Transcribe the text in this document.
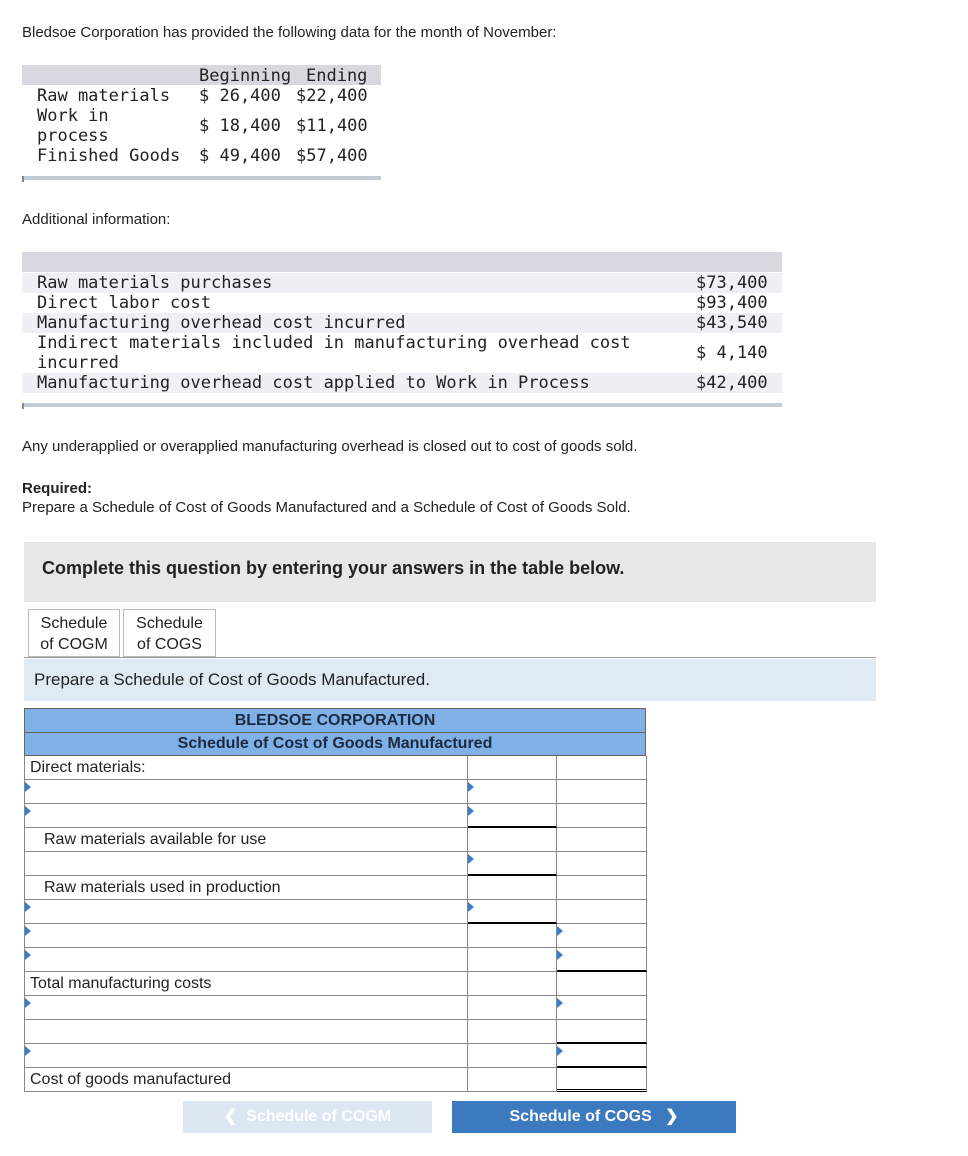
Bledsoe Corporation has provided the following data for the month of November:
Beginning Ending
Raw materials $ 26,400 $22,400
Work in
process	$ 18,400 $11,400
Finished Goods $ 49,400 $57,400
Additional information:
Raw materials purchases	$73,400
Direct labor cost	$93,400
Manufacturing overhead cost incurred	$43,540
Indirect materials included in manufacturing overhead cost
incurred	$ 4,140
Manufacturing overhead cost applied to Work in Process	$42,400
Any underapplied or overapplied manufacturing overhead is closed out to cost of goods sold.
Required:
Prepare a Schedule of Cost of Goods Manufactured and a Schedule of Cost of Goods Sold.
Complete this question by entering your answers in the table below.
Schedule
of COGM
Schedule
of COGS
Prepare a Schedule of Cost of Goods Manufactured.
BLEDSOE CORPORATION
Schedule of Cost of Goods Manufactured
Direct materials:
Raw materials available for use
Raw materials used in production
Total manufacturing costs
Cost of goods manufactured
❮ Schedule of COGM	Schedule of COGS ❯
